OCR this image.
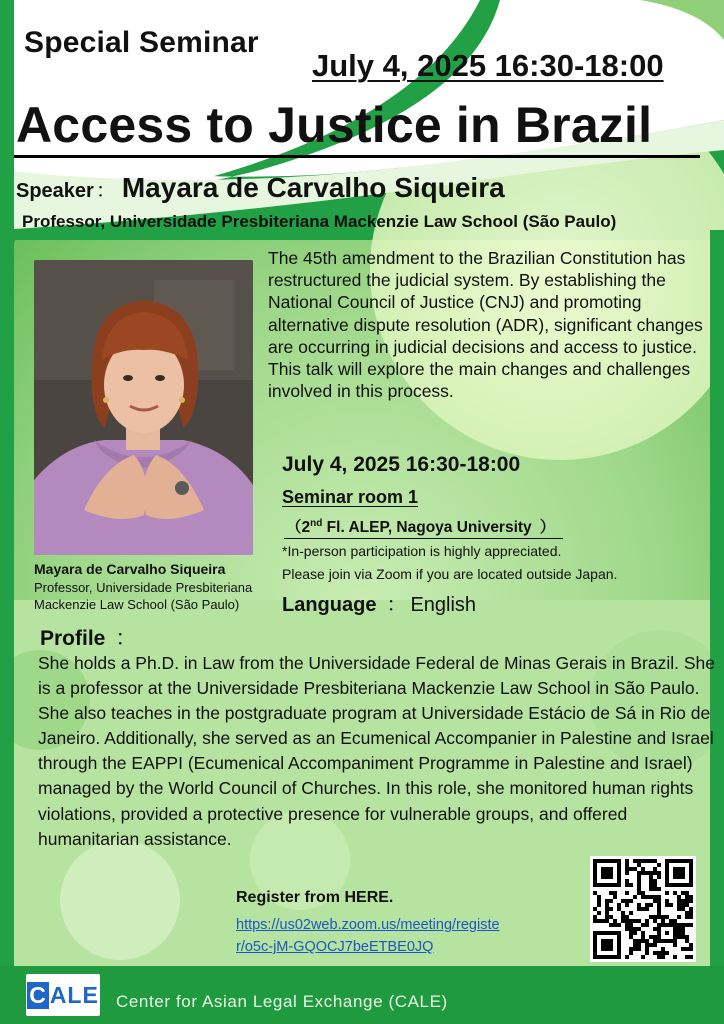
Special Seminar
July 4, 2025 16:30-18:00
Access to Justice in Brazil
Speaker ： Mayara de Carvalho Siqueira
Professor, Universidade Presbiteriana Mackenzie Law School (São Paulo)
Mayara de Carvalho Siqueira
Professor, Universidade Presbiteriana Mackenzie Law School (São Paulo)
The 45th amendment to the Brazilian Constitution has restructured the judicial system. By establishing the National Council of Justice (CNJ) and promoting alternative dispute resolution (ADR), significant changes are occurring in judicial decisions and access to justice. This talk will explore the main changes and challenges involved in this process.
July 4, 2025 16:30-18:00
Seminar room 1
（2nd Fl. ALEP, Nagoya University ）
*In-person participation is highly appreciated.
Please join via Zoom if you are located outside Japan.
Language ： English
Profile ：
She holds a Ph.D. in Law from the Universidade Federal de Minas Gerais in Brazil. She is a professor at the Universidade Presbiteriana Mackenzie Law School in São Paulo. She also teaches in the postgraduate program at Universidade Estácio de Sá in Rio de Janeiro. Additionally, she served as an Ecumenical Accompanier in Palestine and Israel through the EAPPI (Ecumenical Accompaniment Programme in Palestine and Israel) managed by the World Council of Churches. In this role, she monitored human rights violations, provided a protective presence for vulnerable groups, and offered humanitarian assistance.
Register from HERE.
https://us02web.zoom.us/meeting/registe
r/o5c-jM-GQOCJ7beETBE0JQ
C ALE Center for Asian Legal Exchange (CALE)
